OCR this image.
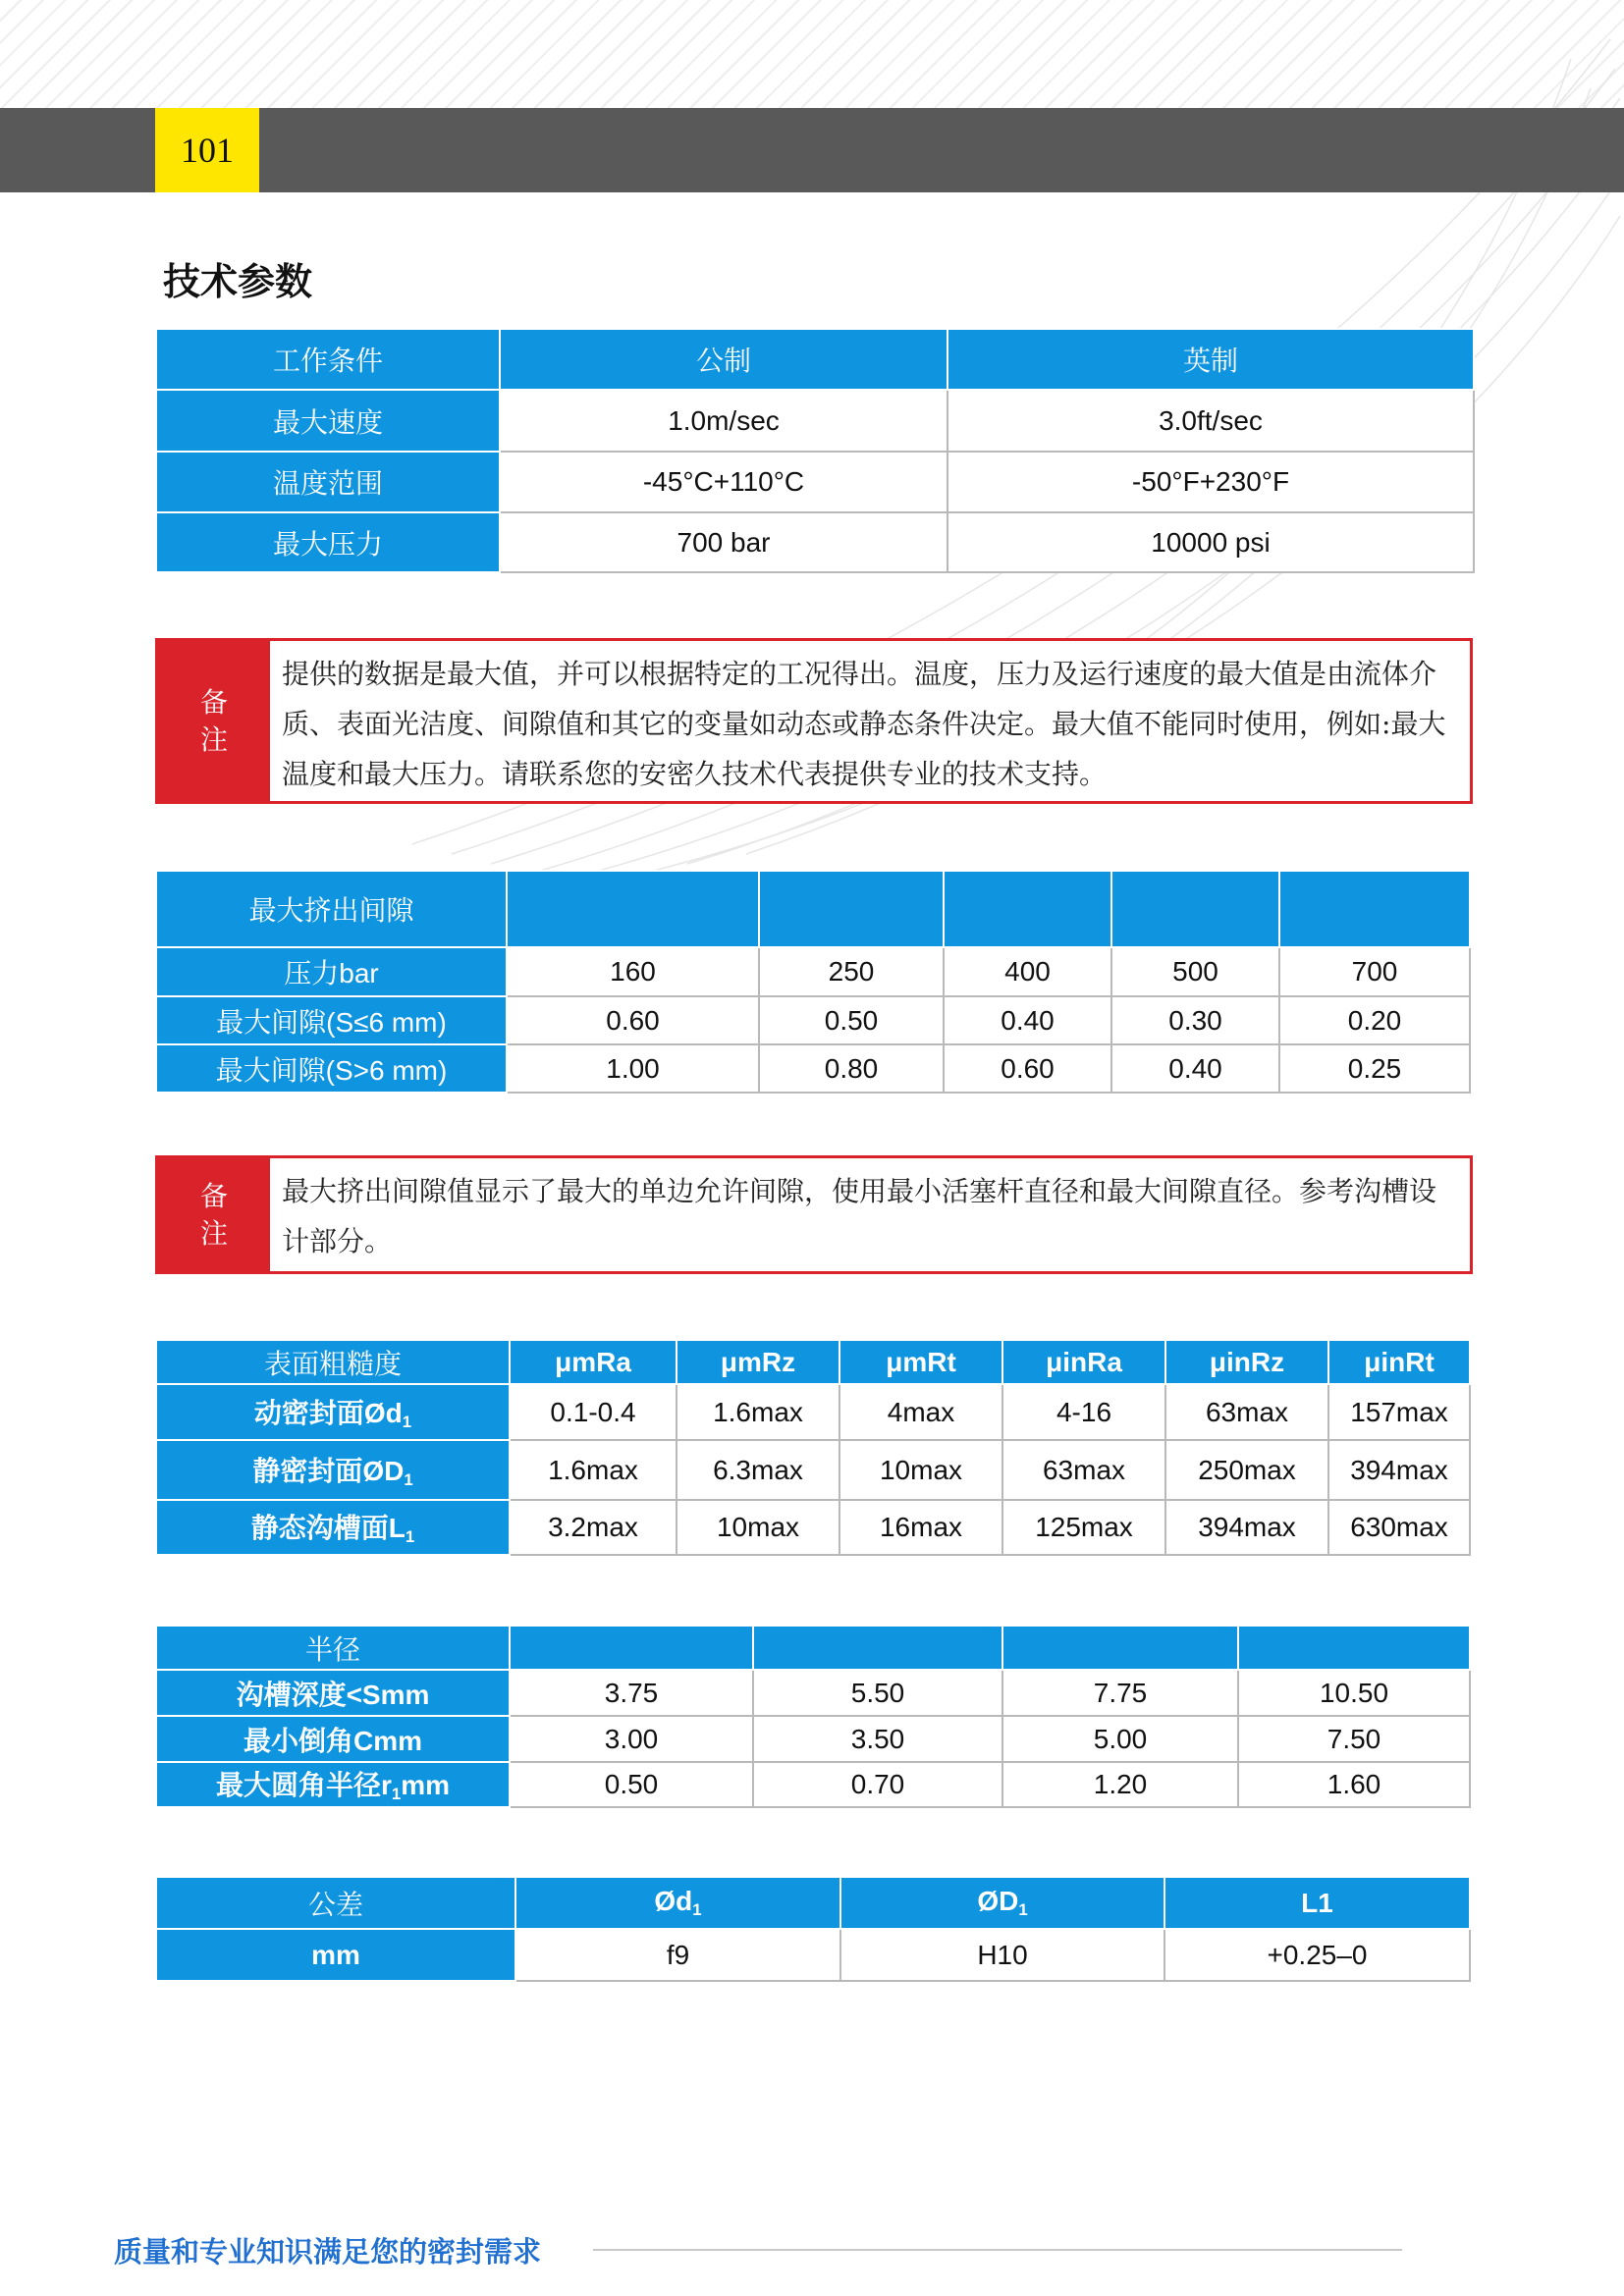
101
技术参数
工作条件	公制	英制
最大速度	1.0m/sec	3.0ft/sec
温度范围	-45°C+110°C	-50°F+230°F
最大压力	700 bar	10000 psi
备
注
提供的数据是最大值，并可以根据特定的工况得出。温度，压力及运行速度的最大值是由流体介质、表面光洁度、间隙值和其它的变量如动态或静态条件决定。最大值不能同时使用，例如:最大温度和最大压力。请联系您的安密久技术代表提供专业的技术支持。
最大挤出间隙					
压力bar	160	250	400	500	700
最大间隙(S≤6 mm)	0.60	0.50	0.40	0.30	0.20
最大间隙(S>6 mm)	1.00	0.80	0.60	0.40	0.25
备
注
最大挤出间隙值显示了最大的单边允许间隙，使用最小活塞杆直径和最大间隙直径。参考沟槽设计部分。
表面粗糙度	μmRa	μmRz	μmRt	μinRa	μinRz	μinRt
动密封面$Ød_1$	0.1-0.4	1.6max	4max	4-16	63max	157max
静密封面$ØD_1$	1.6max	6.3max	10max	63max	250max	394max
静态沟槽面$L_1$	3.2max	10max	16max	125max	394max	630max
半径				
沟槽深度<Smm	3.75	5.50	7.75	10.50
最小倒角Cmm	3.00	3.50	5.00	7.50
最大圆角半径$r_1mm$	0.50	0.70	1.20	1.60
公差	$Ød_1$	$ØD_1$	L1
mm	f9	H10	+0.25–0
质量和专业知识满足您的密封需求
